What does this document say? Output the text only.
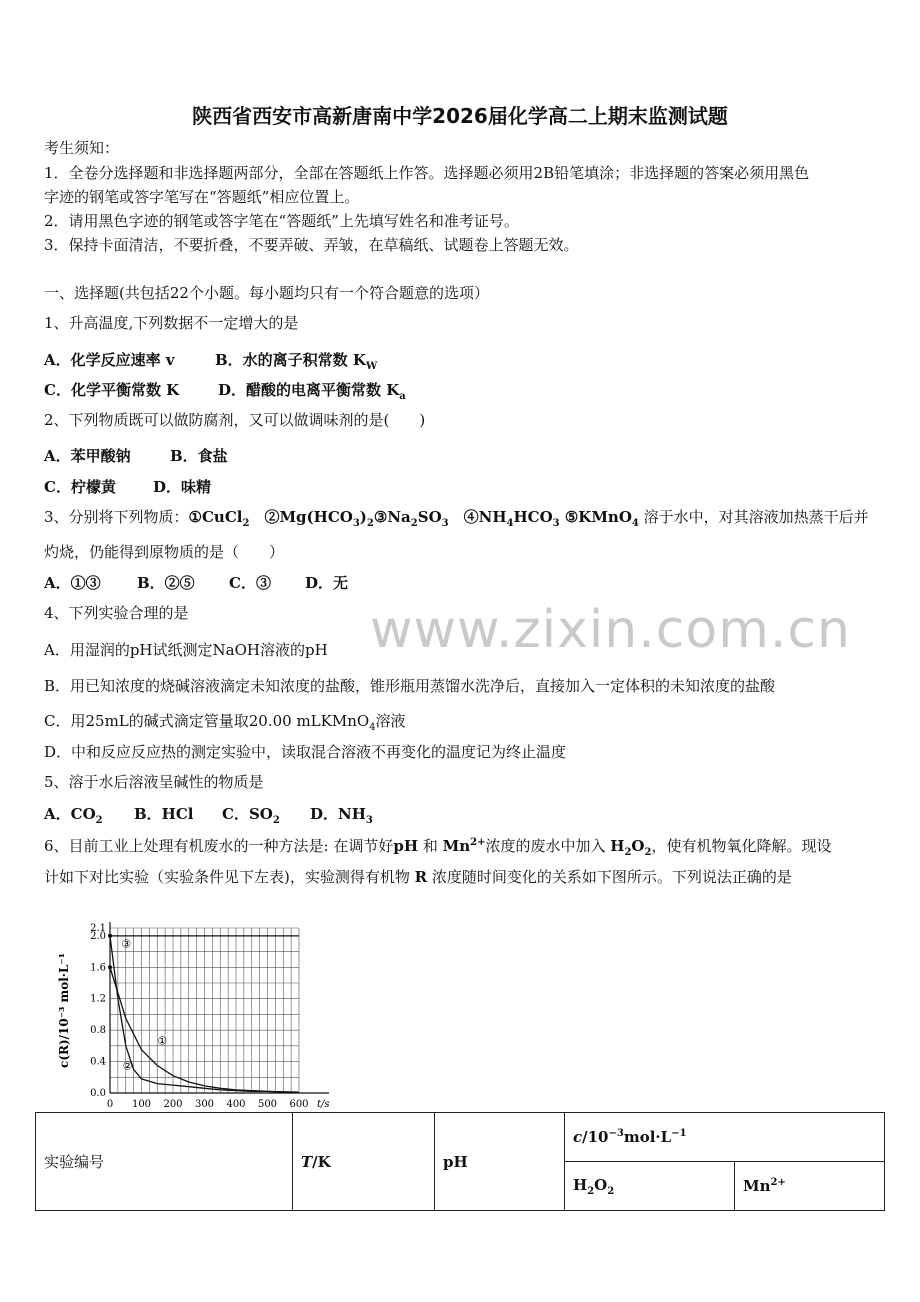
陕西省西安市高新唐南中学2026届化学高二上期末监测试题
考生须知：
1．全卷分选择题和非选择题两部分，全部在答题纸上作答。选择题必须用2B铅笔填涂；非选择题的答案必须用黑色
字迹的钢笔或答字笔写在“答题纸”相应位置上。
2．请用黑色字迹的钢笔或答字笔在“答题纸”上先填写姓名和准考证号。
3．保持卡面清洁，不要折叠，不要弄破、弄皱，在草稿纸、试题卷上答题无效。
一、选择题(共包括22个小题。每小题均只有一个符合题意的选项）
1、升高温度,下列数据不一定增大的是
A．化学反应速率 v	B．水的离子积常数 $K_W$
C．化学平衡常数 K	D．醋酸的电离平衡常数 $K_a$
2、下列物质既可以做防腐剂，又可以做调味剂的是(　　)
A．苯甲酸钠	B．食盐
C．柠檬黄 D．味精
3、分别将下列物质：①CuCl$_2$　$②Mg(HCO_3)_2③Na_2SO_3$　$④NH_4HCO_3$ ⑤KMnO$_4$ 溶于水中，对其溶液加热蒸干后并
灼烧，仍能得到原物质的是（　　）
A．①③ B．②⑤ C．③ D．无
4、下列实验合理的是
A．用湿润的pH试纸测定NaOH溶液的pH
B．用已知浓度的烧碱溶液滴定未知浓度的盐酸，锥形瓶用蒸馏水洗净后，直接加入一定体积的未知浓度的盐酸
C．用25mL的碱式滴定管量取20.00 mLKMnO$_4$溶液
D．中和反应反应热的测定实验中，读取混合溶液不再变化的温度记为终止温度
5、溶于水后溶液呈碱性的物质是
A．$CO_2$ B．HCl C．$SO_2$ D．$NH_3$
6、目前工业上处理有机废水的一种方法是: 在调节好pH 和 $Mn^{2+}$浓度的废水中加入 $H_2O_2$，使有机物氧化降解。现设
计如下对比实验（实验条件见下左表)，实验测得有机物 R 浓度随时间变化的关系如下图所示。下列说法正确的是
www.zixin.com.cn
0 100 200 300 400 500 600 t/s
0.0
0.4
0.8
1.2
1.6
2.0
2.1
c(R)/10⁻³ mol·L⁻¹	①
②
③
实验编号	T/K	pH	$c/10^{-3}mol\cdot L^{-1}$
			$H_2O_2$	$Mn^{2+}$
